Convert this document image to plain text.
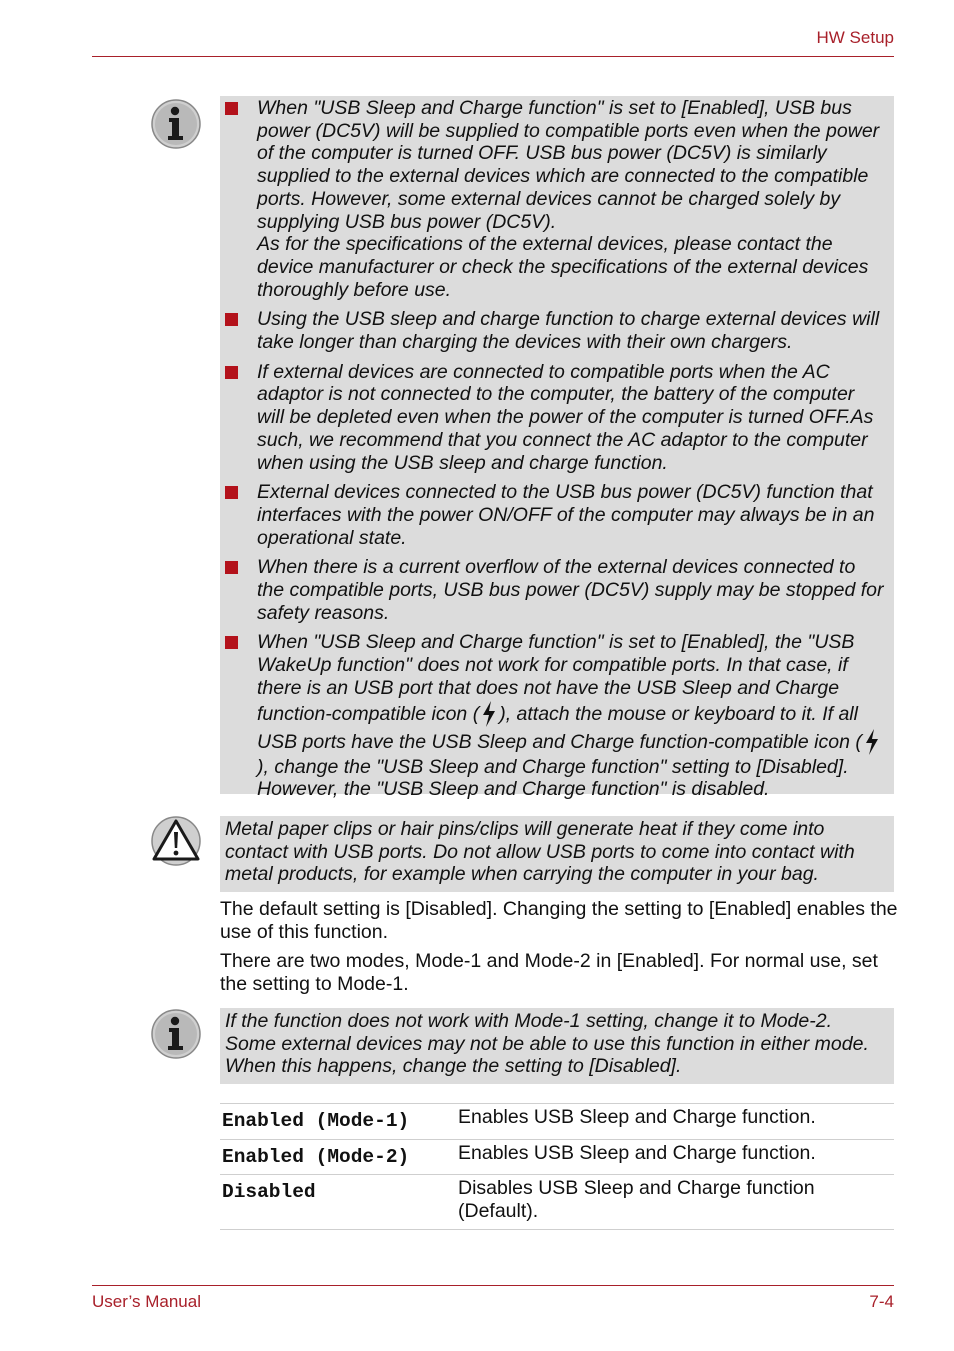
HW Setup

When "USB Sleep and Charge function" is set to [Enabled], USB bus power (DC5V) will be supplied to compatible ports even when the power of the computer is turned OFF. USB bus power (DC5V) is similarly supplied to the external devices which are connected to the compatible ports. However, some external devices cannot be charged solely by supplying USB bus power (DC5V).

As for the specifications of the external devices, please contact the device manufacturer or check the specifications of the external devices thoroughly before use.

Using the USB sleep and charge function to charge external devices will take longer than charging the devices with their own chargers.

If external devices are connected to compatible ports when the AC adaptor is not connected to the computer, the battery of the computer will be depleted even when the power of the computer is turned OFF.As such, we recommend that you connect the AC adaptor to the computer when using the USB sleep and charge function.

External devices connected to the USB bus power (DC5V) function that interfaces with the power ON/OFF of the computer may always be in an operational state.

When there is a current overflow of the external devices connected to the compatible ports, USB bus power (DC5V) supply may be stopped for safety reasons.

When "USB Sleep and Charge function" is set to [Enabled], the "USB WakeUp function" does not work for compatible ports. In that case, if there is an USB port that does not have the USB Sleep and Charge function-compatible icon ( ), attach the mouse or keyboard to it. If all USB ports have the USB Sleep and Charge function-compatible icon (), change the "USB Sleep and Charge function" setting to [Disabled]. However, the "USB Sleep and Charge function" is disabled.

Metal paper clips or hair pins/clips will generate heat if they come into contact with USB ports. Do not allow USB ports to come into contact with metal products, for example when carrying the computer in your bag.

The default setting is [Disabled]. Changing the setting to [Enabled] enables the use of this function.

There are two modes, Mode-1 and Mode-2 in [Enabled]. For normal use, set the setting to Mode-1.

If the function does not work with Mode-1 setting, change it to Mode-2. Some external devices may not be able to use this function in either mode. When this happens, change the setting to [Disabled].

Enabled (Mode-1)	Enables USB Sleep and Charge function.
Enabled (Mode-2)	Enables USB Sleep and Charge function.
Disabled	Disables USB Sleep and Charge function (Default).
User’s Manual	7-4
